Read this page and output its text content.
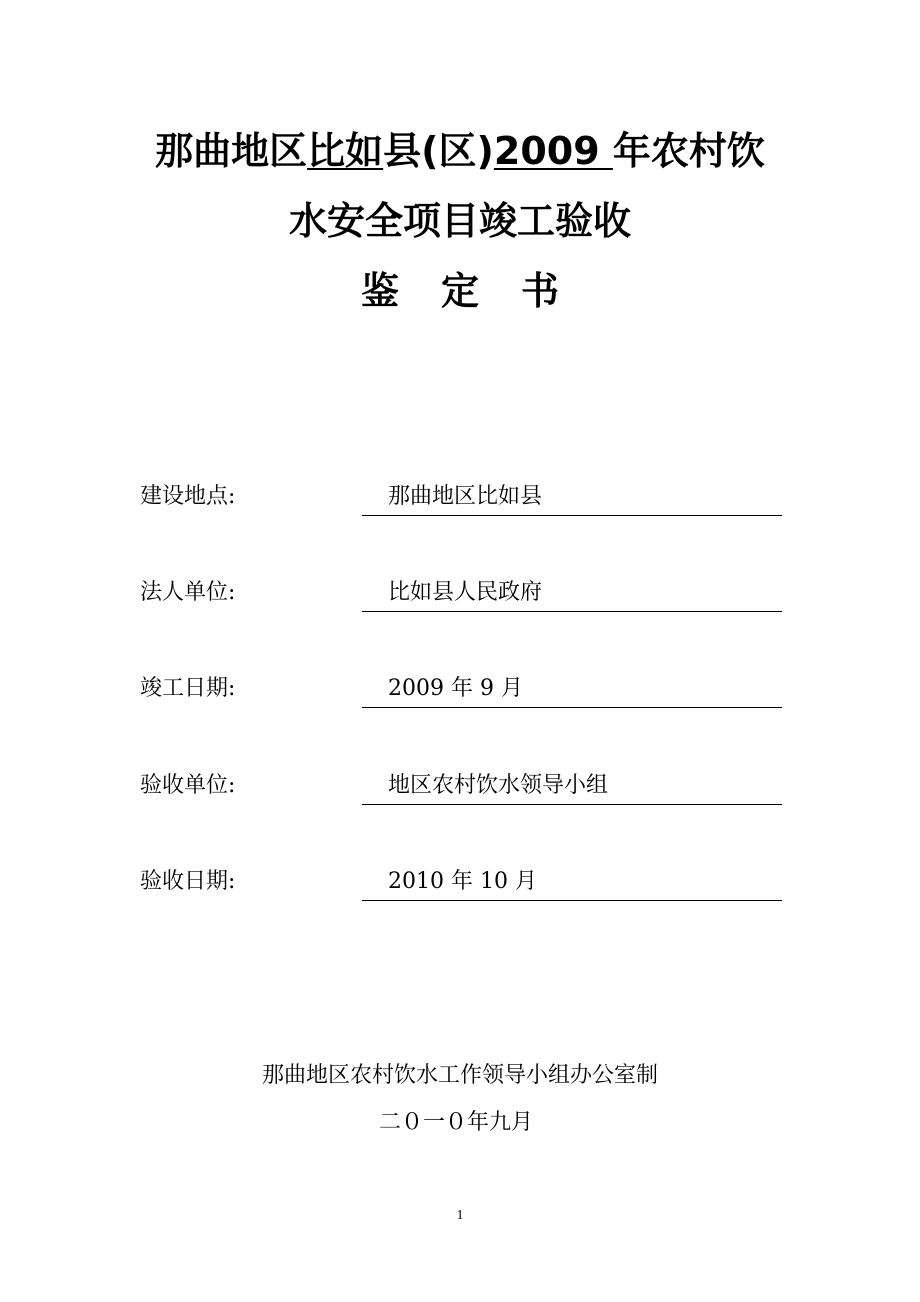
那曲地区比如县(区)2009 年农村饮
水安全项目竣工验收
鉴定书
建设地点:	那曲地区比如县
法人单位:	比如县人民政府
竣工日期:	2009 年 9 月
验收单位:	地区农村饮水领导小组
验收日期:	2010 年 10 月
那曲地区农村饮水工作领导小组办公室制
二０一０年九月
1
